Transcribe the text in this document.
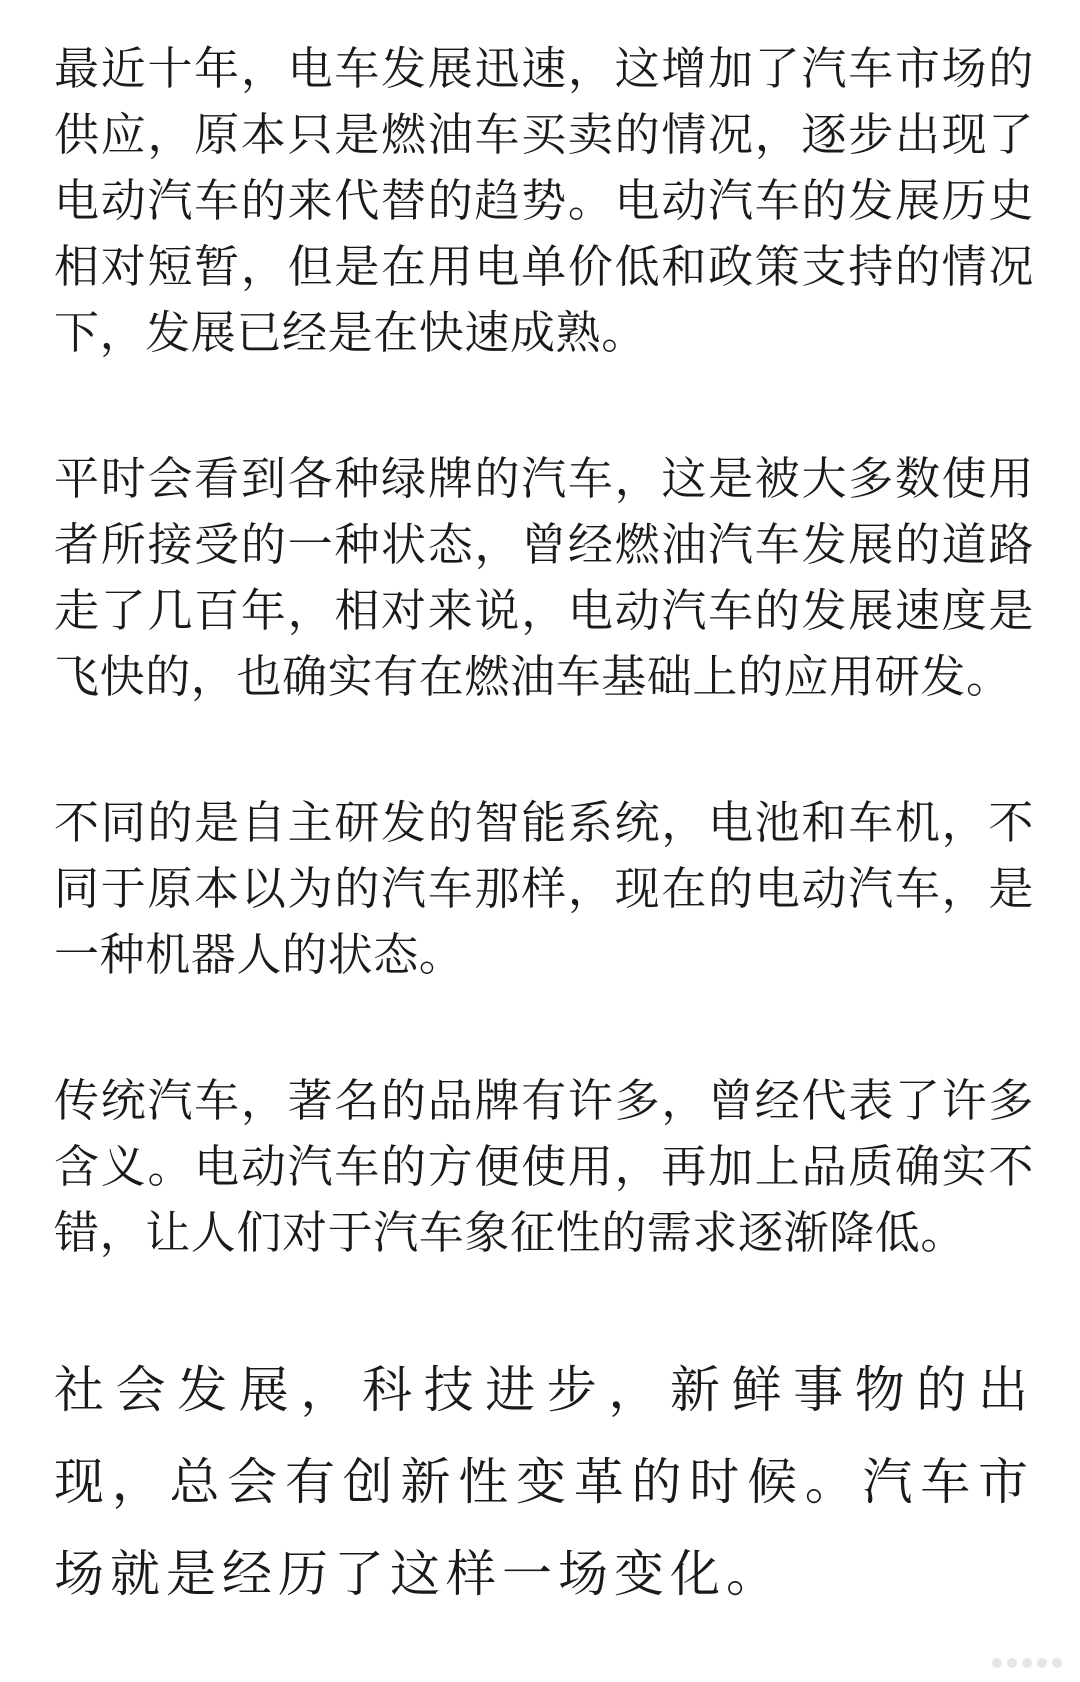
最近十年，电车发展迅速，这增加了汽车市场的供应，原本只是燃油车买卖的情况，逐步出现了电动汽车的来代替的趋势。电动汽车的发展历史相对短暂，但是在用电单价低和政策支持的情况下，发展已经是在快速成熟。

平时会看到各种绿牌的汽车，这是被大多数使用者所接受的一种状态，曾经燃油汽车发展的道路走了几百年，相对来说，电动汽车的发展速度是飞快的，也确实有在燃油车基础上的应用研发。

不同的是自主研发的智能系统，电池和车机，不同于原本以为的汽车那样，现在的电动汽车，是一种机器人的状态。

传统汽车，著名的品牌有许多，曾经代表了许多含义。电动汽车的方便使用，再加上品质确实不错，让人们对于汽车象征性的需求逐渐降低。

社会发展，科技进步，新鲜事物的出现，总会有创新性变革的时候。汽车市场就是经历了这样一场变化。
